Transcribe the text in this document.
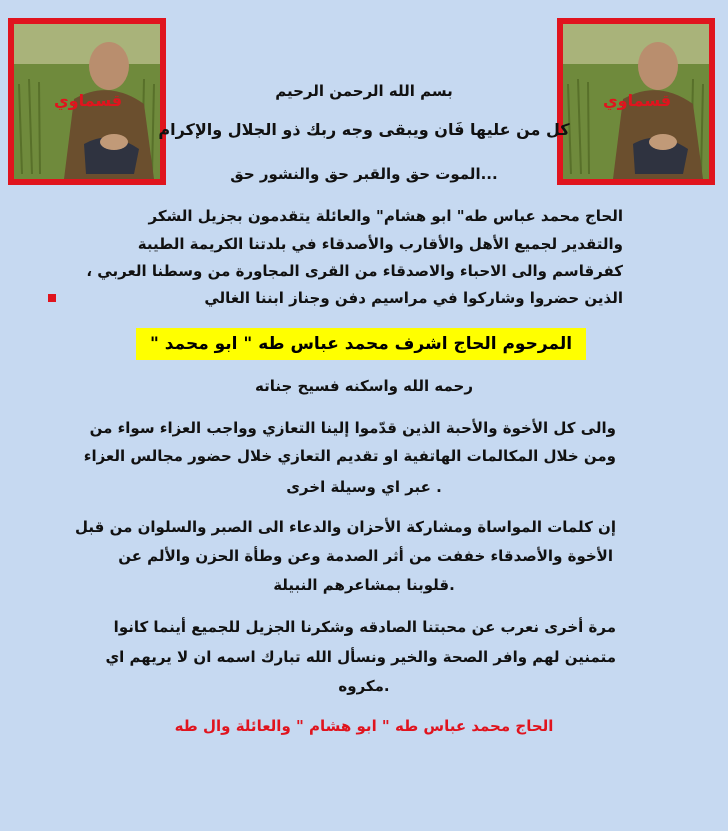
قسماوي	قسماوي
بسم الله الرحمن الرحيم
كل من عليها فَان ويبقى وجه ربك ذو الجلال والإكرام
...الموت حق والقبر حق والنشور حق
الحاج محمد عباس طه" ابو هشام" والعائلة يتقدمون بجزيل الشكر
والتقدير لجميع الأهل والأقارب والأصدقاء في بلدتنا الكريمة الطيبة
كفرقاسم والى الاحباء والاصدقاء من القرى المجاورة من وسطنا العربي ،
الذين حضروا وشاركوا في مراسيم دفن وجناز ابننا الغالي
المرحوم الحاج اشرف محمد عباس طه " ابو محمد "
رحمه الله واسكنه فسيح جناته
والى كل الأخوة والأحبة الذين قدّموا إلينا التعازي وواجب العزاء سواء من
ومن خلال المكالمات الهاتفية او تقديم التعازي خلال حضور مجالس العزاء
. عبر اي وسيلة اخرى
إن كلمات المواساة ومشاركة الأحزان والدعاء الى الصبر والسلوان من قبل
الأخوة والأصدقاء خففت من أثر الصدمة وعن وطأة الحزن والألم عن
.قلوبنا بمشاعرهم النبيلة
مرة أخرى نعرب عن محبتنا الصادقه وشكرنا الجزيل للجميع أينما كانوا
متمنين لهم وافر الصحة والخير ونسأل الله تبارك اسمه ان لا يريهم اي
.مكروه
الحاج محمد عباس طه " ابو هشام " والعائلة وال طه
